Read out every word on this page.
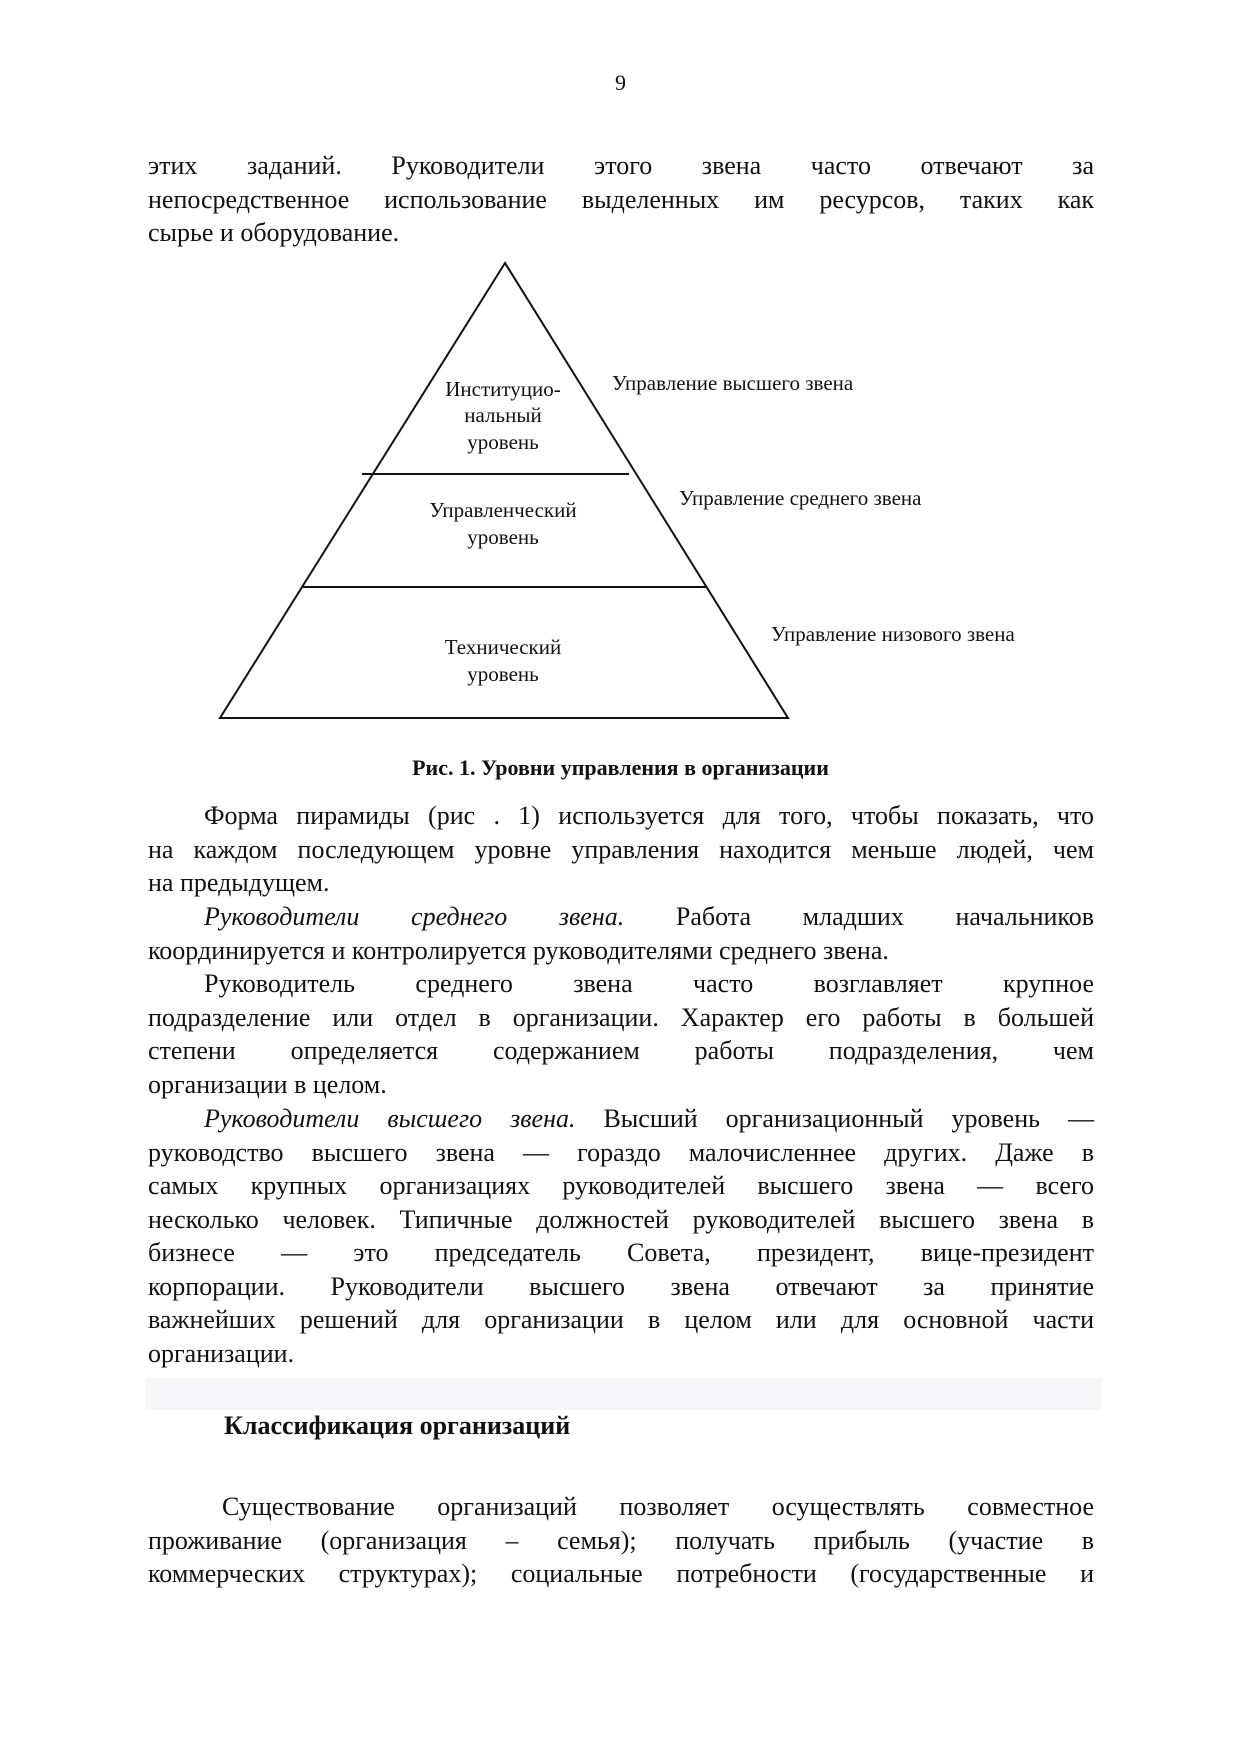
9
этих заданий. Руководители этого звена часто отвечают за
непосредственное использование выделенных им ресурсов, таких как
сырье и оборудование.
Институцио-
нальный
уровень
Управленческий
уровень
Технический
уровень
Управление высшего звена
Управление среднего звена
Управление низового звена
Рис. 1. Уровни управления в организации
Форма пирамиды (рис . 1) используется для того, чтобы показать, что
на каждом последующем уровне управления находится меньше людей, чем
на предыдущем.
Руководители среднего звена. Работа младших начальников
координируется и контролируется руководителями среднего звена.
Руководитель среднего звена часто возглавляет крупное
подразделение или отдел в организации. Характер его работы в большей
степени определяется содержанием работы подразделения, чем
организации в целом.
Руководители высшего звена. Высший организационный уровень —
руководство высшего звена — гораздо малочисленнее других. Даже в
самых крупных организациях руководителей высшего звена — всего
несколько человек. Типичные должностей руководителей высшего звена в
бизнесе — это председатель Совета, президент, вице-президент
корпорации. Руководители высшего звена отвечают за принятие
важнейших решений для организации в целом или для основной части
организации.
Классификация организаций
Существование организаций позволяет осуществлять совместное
проживание (организация – семья); получать прибыль (участие в
коммерческих структурах); социальные потребности (государственные и
